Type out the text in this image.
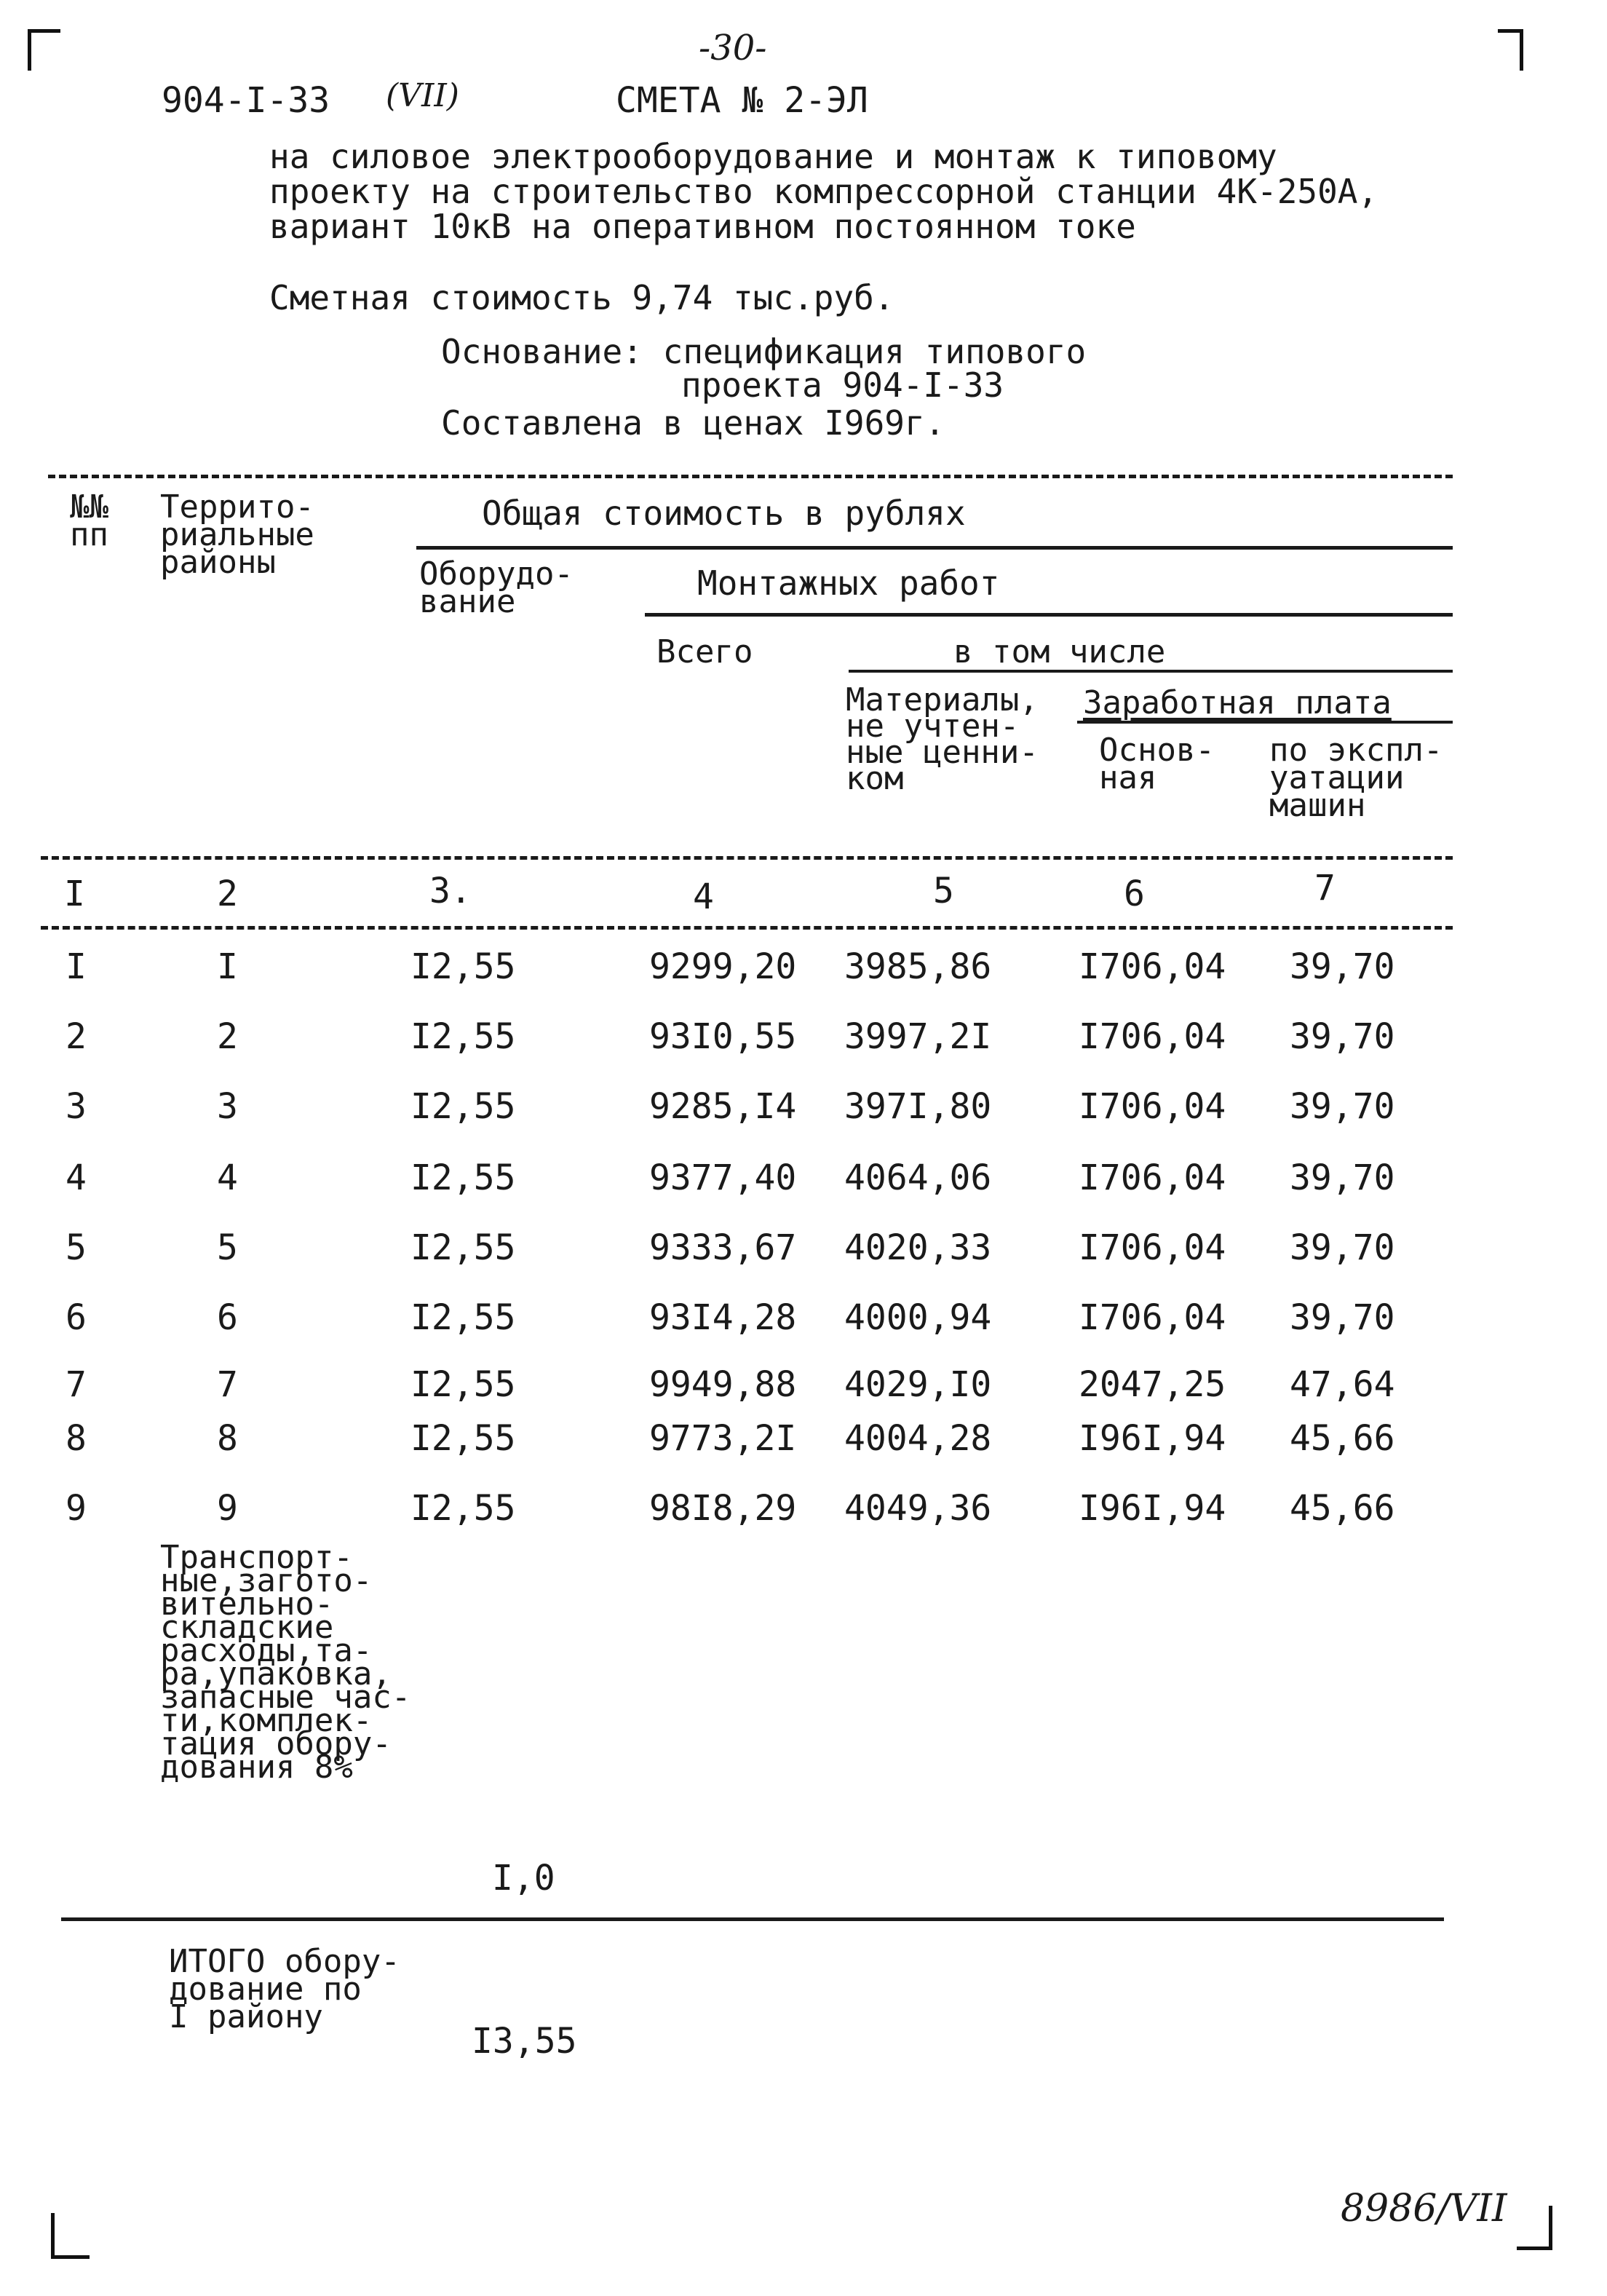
-30-
904-I-33 (VII)	СМЕТА № 2-ЭЛ
на силовое электрооборудование и монтаж к типовому
проекту на строительство компрессорной станции 4К-250А,
вариант 10кВ на оперативном постоянном токе
Сметная стоимость 9,74 тыс.руб.
Основание: спецификация типового
проекта 904-I-33
Составлена в ценах I969г.
№№
пп
Террито-
риальные
районы
Общая стоимость в рублях
Оборудо-
вание	Монтажных работ
Всего	в том числе
Материалы,
не учтен-
ные ценни-
ком
Заработная плата
Основ-
ная
по экспл-
уатации
машин
I	2	3.	4	5	6	7
I	I	I2,55	9299,20 3985,86 I706,04 39,70
2	2	I2,55	93I0,55 3997,2I I706,04 39,70
3	3	I2,55	9285,I4 397I,80 I706,04 39,70
4	4	I2,55	9377,40 4064,06 I706,04 39,70
5	5	I2,55	9333,67 4020,33 I706,04 39,70
6	6	I2,55	93I4,28 4000,94 I706,04 39,70
7	7	I2,55	9949,88 4029,I0 2047,25 47,64
8	8	I2,55	9773,2I 4004,28 I96I,94 45,66
9	9	I2,55	98I8,29 4049,36 I96I,94 45,66
Транспорт-
ные,загото-
вительно-
складские
расходы,та-
ра,упаковка,
запасные час-
ти,комплек-
тация обору-
дования 8%
I,0
ИТОГО обору-
дование по
I району
I3,55
8986/VII
